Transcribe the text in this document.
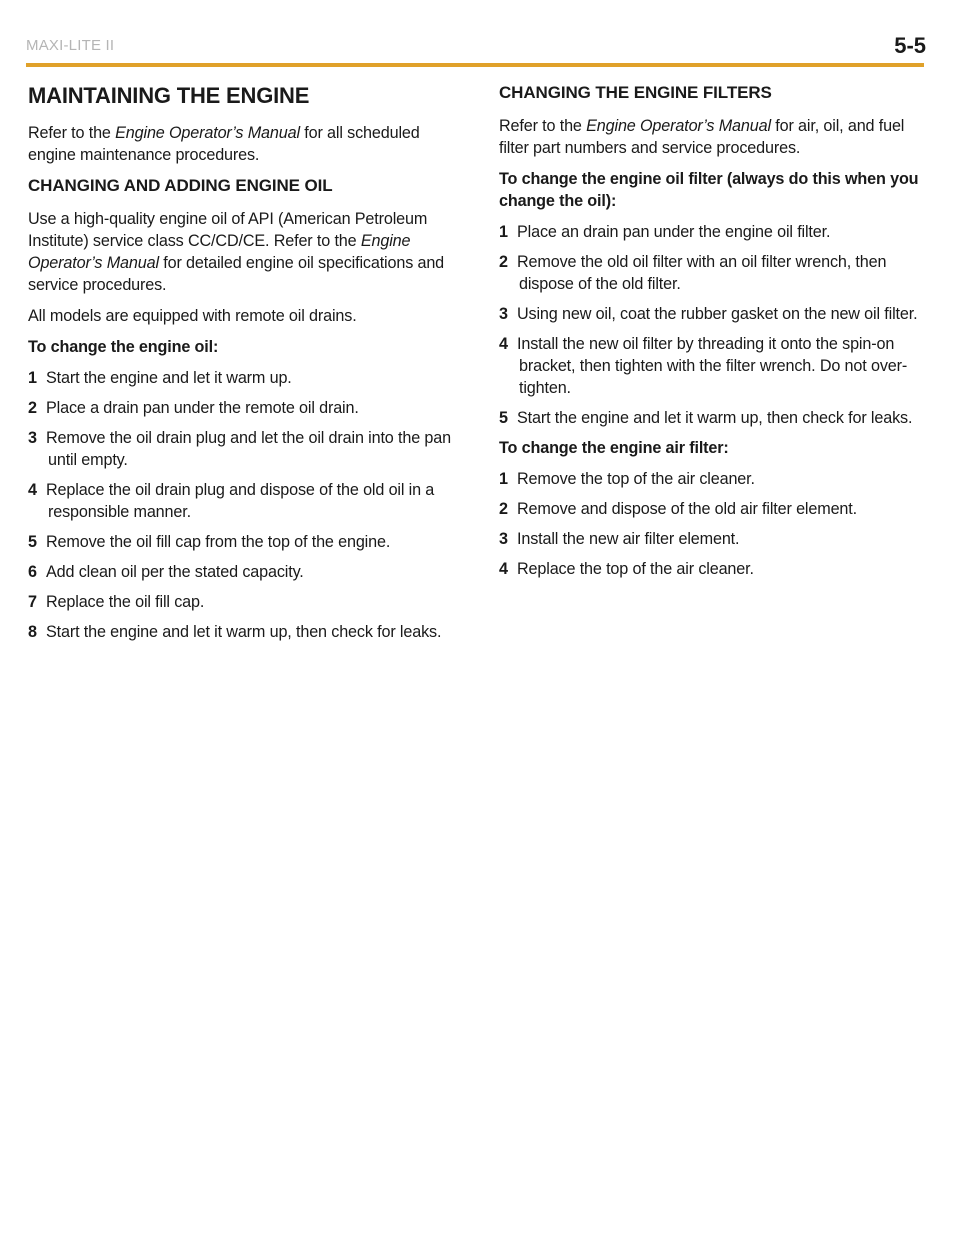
MAXI-LITE II	5-5
MAINTAINING THE ENGINE

Refer to the Engine Operator’s Manual for all scheduled engine maintenance procedures.

CHANGING AND ADDING ENGINE OIL

Use a high-quality engine oil of API (American Petroleum Institute) service class CC/CD/CE. Refer to the Engine Operator’s Manual for detailed engine oil specifications and service procedures.

All models are equipped with remote oil drains.

To change the engine oil:

1 Start the engine and let it warm up.
2 Place a drain pan under the remote oil drain.
3 Remove the oil drain plug and let the oil drain into the pan until empty.
4 Replace the oil drain plug and dispose of the old oil in a responsible manner.
5 Remove the oil fill cap from the top of the engine.
6 Add clean oil per the stated capacity.
7 Replace the oil fill cap.
8 Start the engine and let it warm up, then check for leaks.
CHANGING THE ENGINE FILTERS

Refer to the Engine Operator’s Manual for air, oil, and fuel filter part numbers and service procedures.

To change the engine oil filter (always do this when you change the oil):

1 Place an drain pan under the engine oil filter.
2 Remove the old oil filter with an oil filter wrench, then dispose of the old filter.
3 Using new oil, coat the rubber gasket on the new oil filter.
4 Install the new oil filter by threading it onto the spin-on bracket, then tighten with the filter wrench. Do not over-tighten.
5 Start the engine and let it warm up, then check for leaks.

To change the engine air filter:

1 Remove the top of the air cleaner.
2 Remove and dispose of the old air filter element.
3 Install the new air filter element.
4 Replace the top of the air cleaner.
